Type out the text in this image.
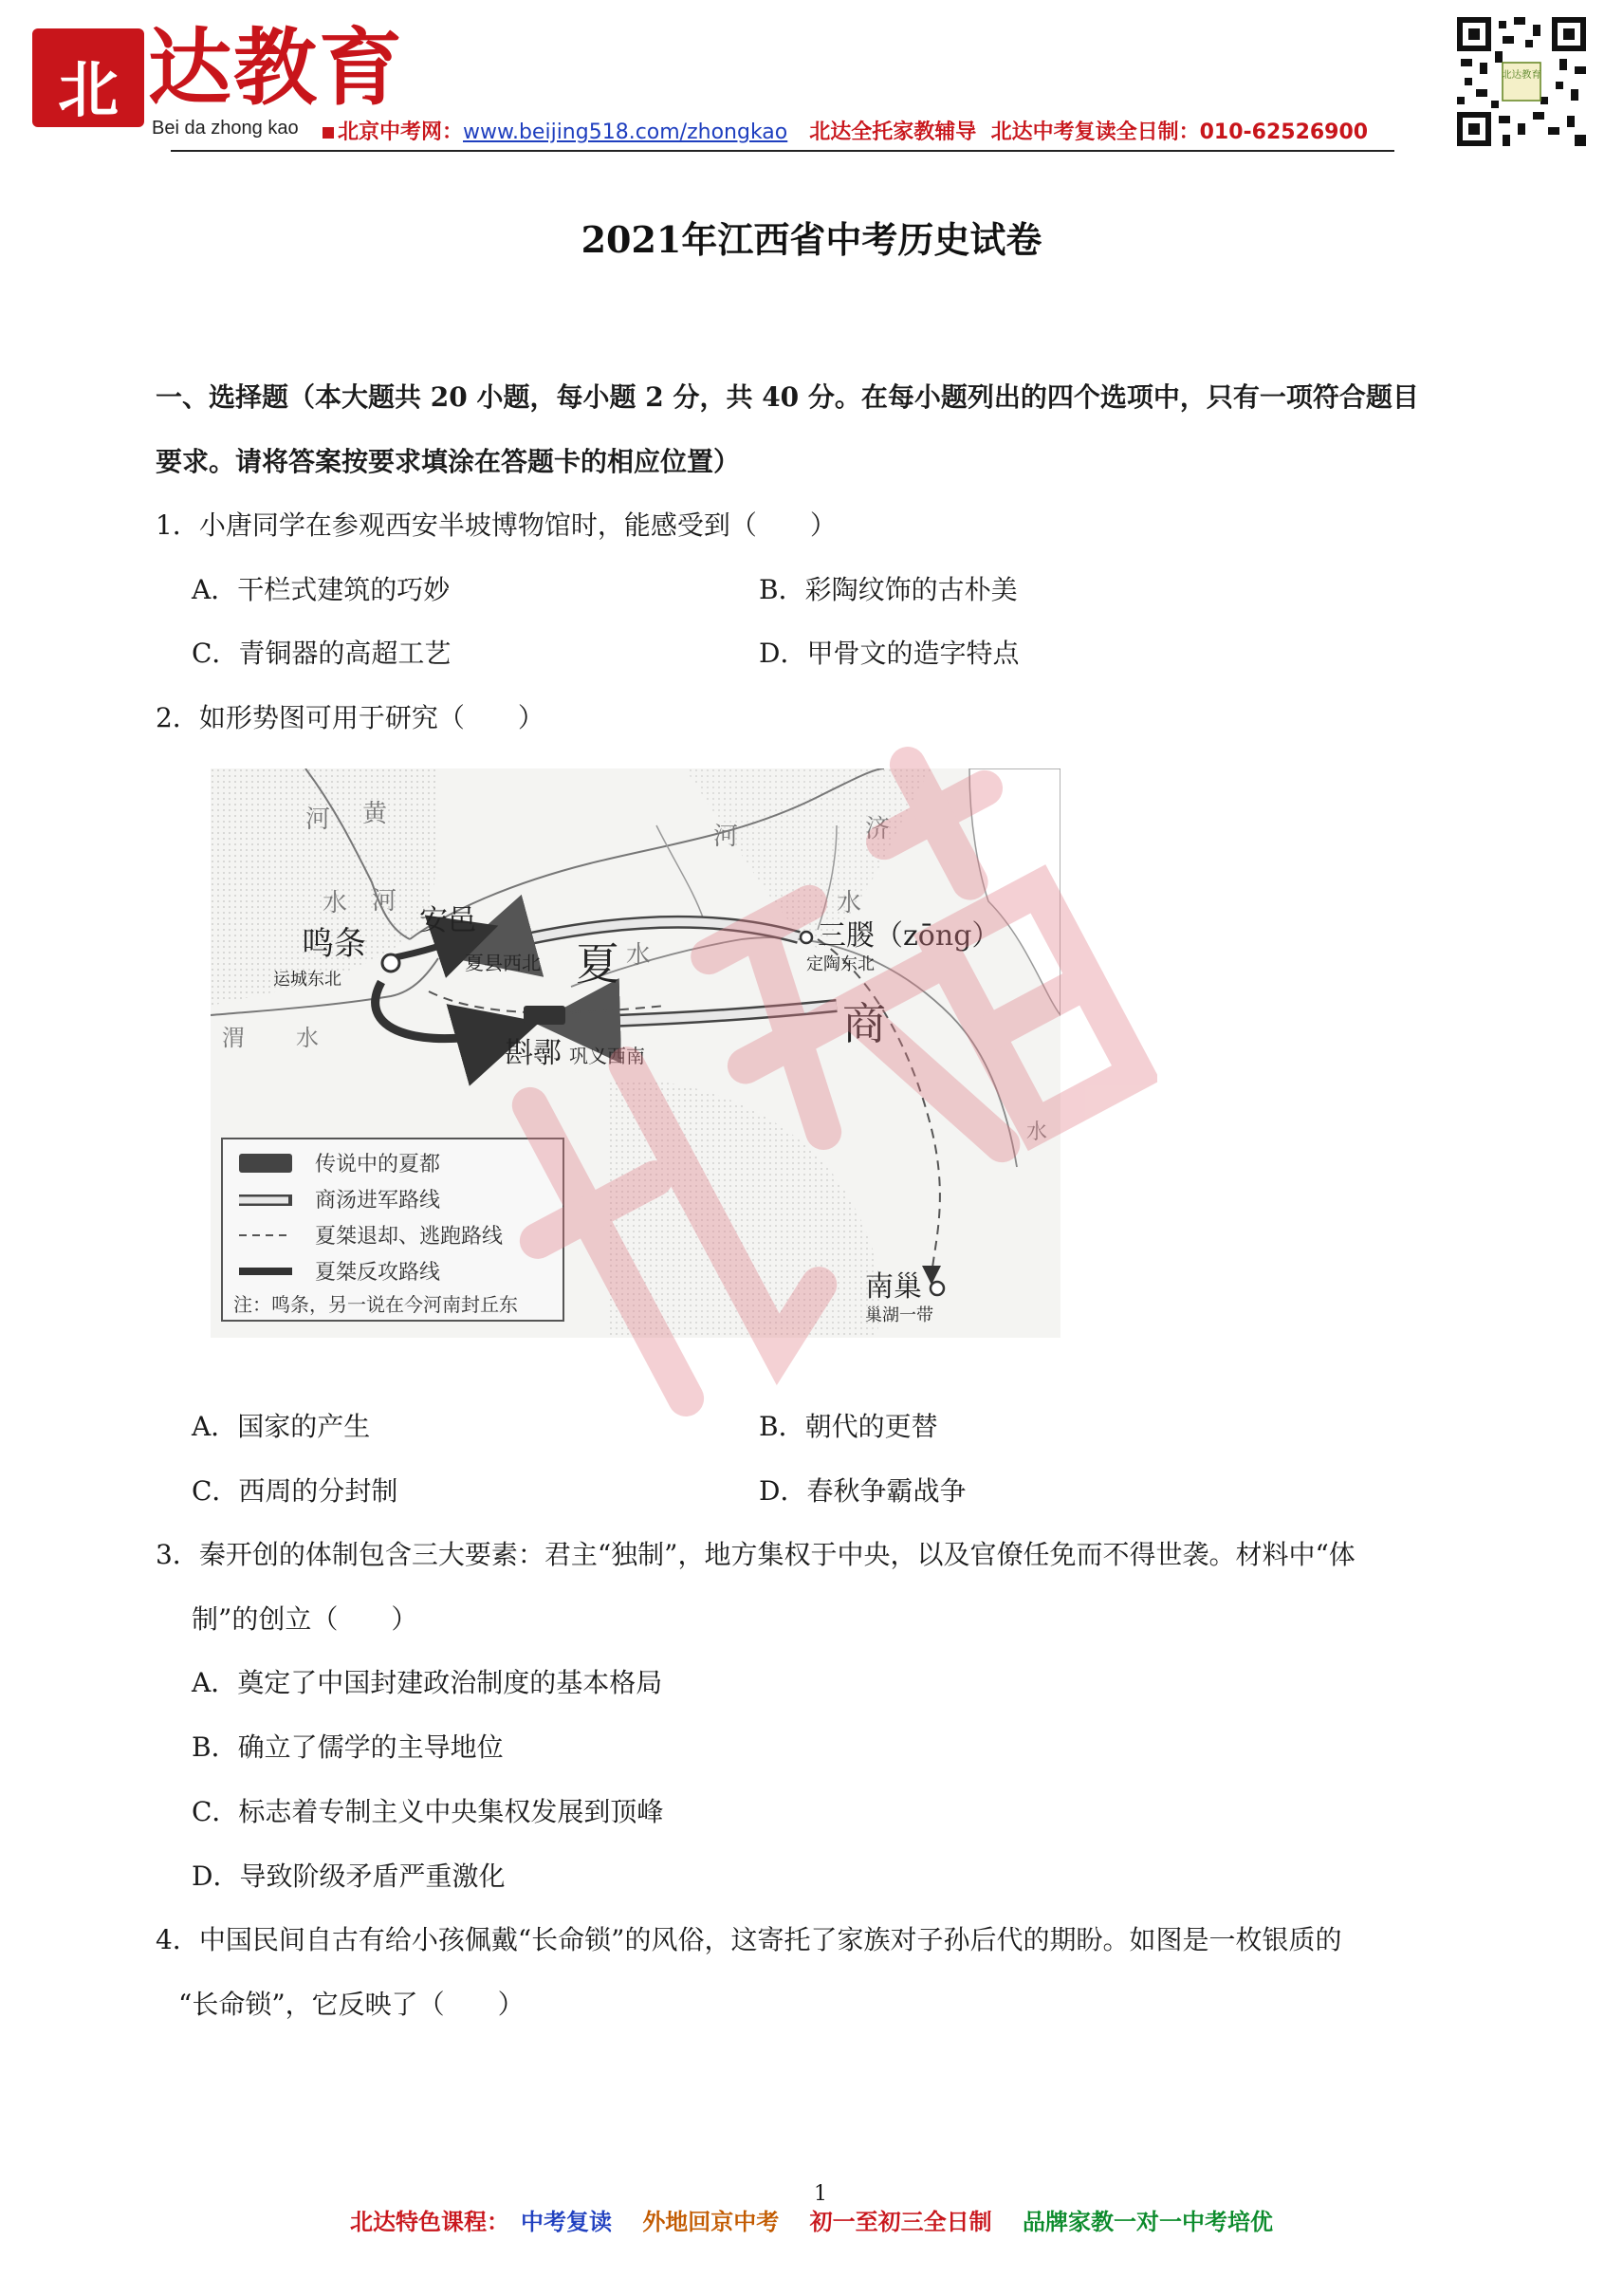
北 达教育
Bei da zhong kao	北京中考网：www.beijing518.com/zhongkao 北达全托家教辅导 北达中考复读全日制：010-62526900
北达教育
2021年江西省中考历史试卷
一、选择题（本大题共 20 小题，每小题 2 分，共 40 分。在每小题列出的四个选项中，只有一项符合题目
要求。请将答案按要求填涂在答题卡的相应位置）
1．小唐同学在参观西安半坡博物馆时，能感受到（　　）
A．干栏式建筑的巧妙	B．彩陶纹饰的古朴美
C．青铜器的高超工艺	D．甲骨文的造字特点
2．如形势图可用于研究（　　）
河 黄
水 河
河	济
水
水
渭 水
水
鸣条
运城东北
安邑
夏县西北 夏
三朡（zōng）
定陶东北
商
斟鄩 巩义西南
南巢
巢湖一带
传说中的夏都
商汤进军路线
夏桀退却、逃跑路线
夏桀反攻路线
注：鸣条，另一说在今河南封丘东
A．国家的产生	B．朝代的更替
C．西周的分封制	D．春秋争霸战争
3．秦开创的体制包含三大要素：君主“独制”，地方集权于中央，以及官僚任免而不得世袭。材料中“体
制”的创立（　　）
A．奠定了中国封建政治制度的基本格局
B．确立了儒学的主导地位
C．标志着专制主义中央集权发展到顶峰
D．导致阶级矛盾严重激化
4．中国民间自古有给小孩佩戴“长命锁”的风俗，这寄托了家族对子孙后代的期盼。如图是一枚银质的
“长命锁”，它反映了（　　）
1
北达特色课程： 中考复读 外地回京中考 初一至初三全日制 品牌家教一对一中考培优
